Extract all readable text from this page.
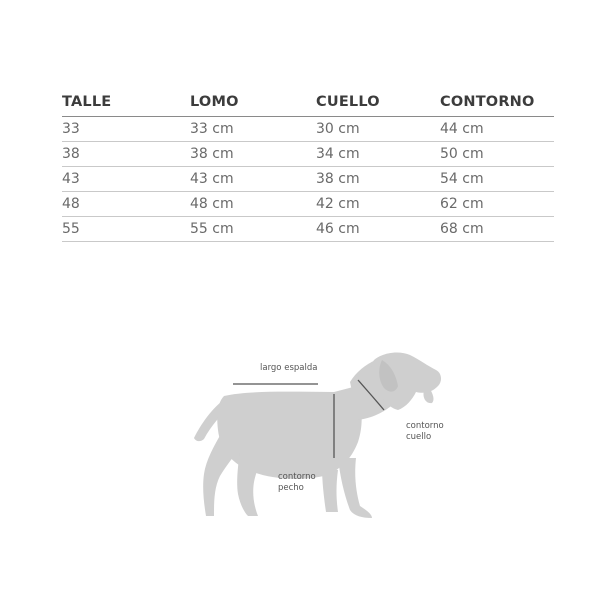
TALLE	LOMO	CUELLO	CONTORNO
33	33 cm	30 cm	44 cm
38	38 cm	34 cm	50 cm
43	43 cm	38 cm	54 cm
48	48 cm	42 cm	62 cm
55	55 cm	46 cm	68 cm
largo espalda
contorno
cuello
contorno
pecho
